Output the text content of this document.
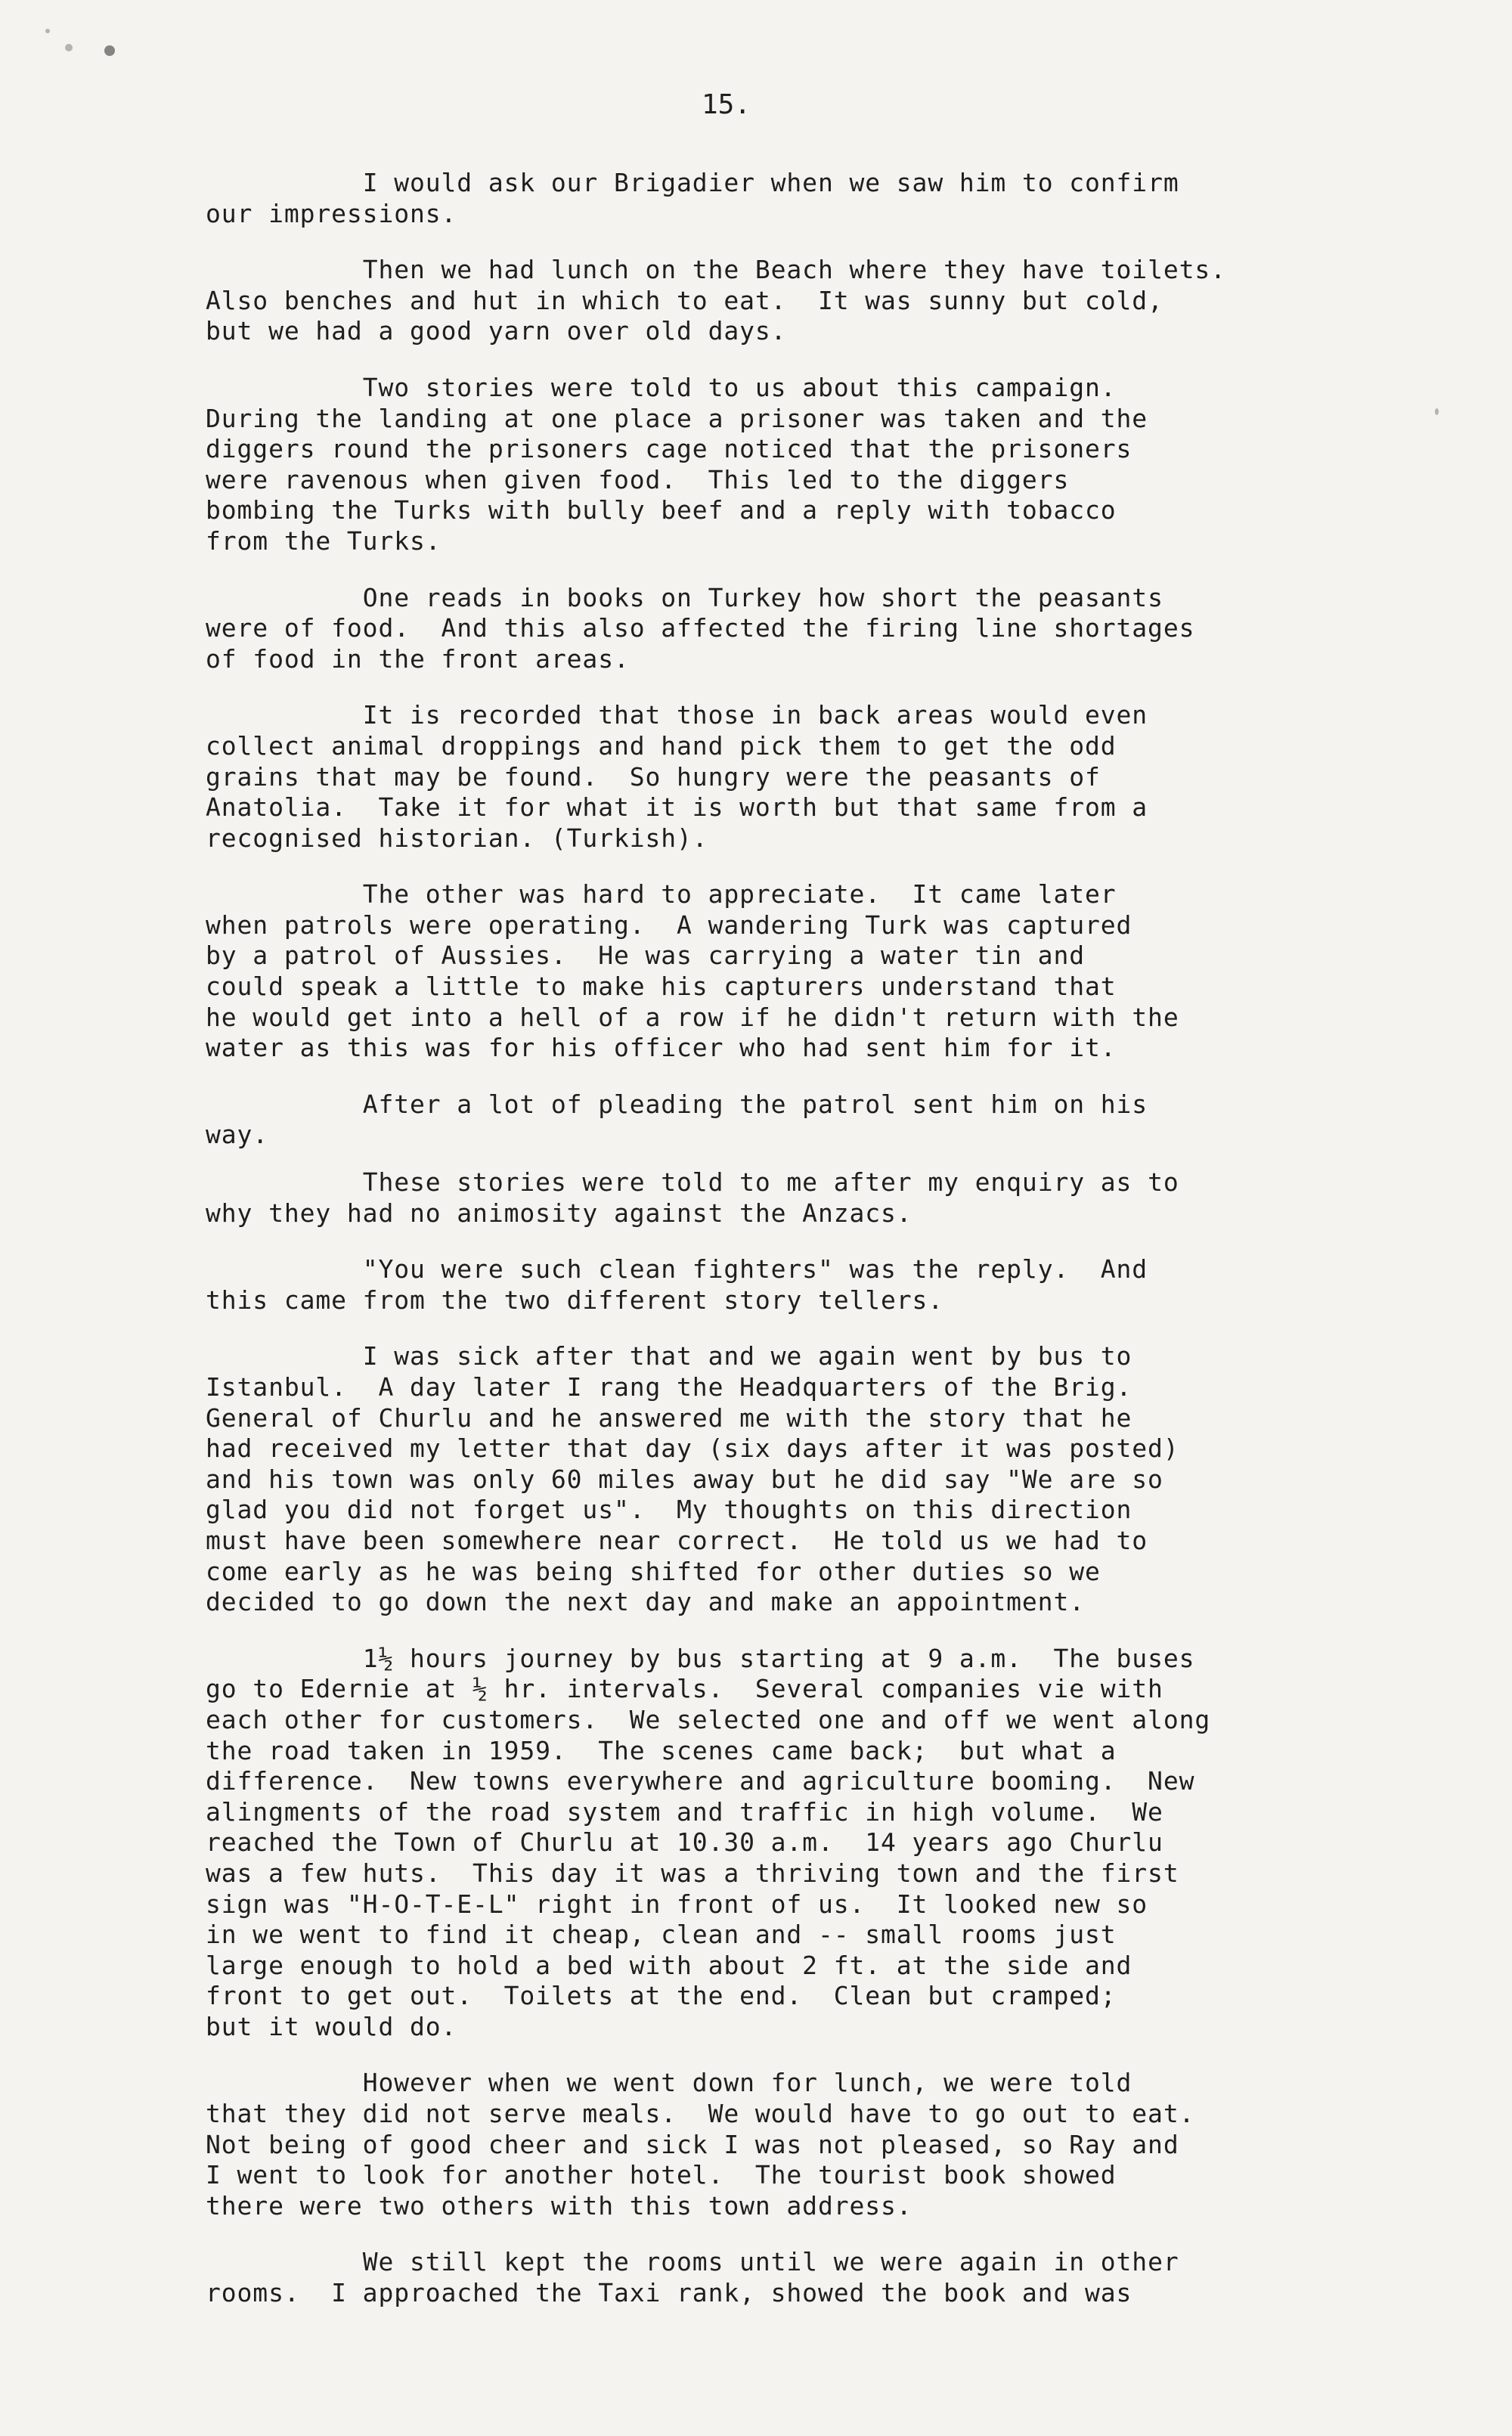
15.

I would ask our Brigadier when we saw him to confirm
our impressions.

Then we had lunch on the Beach where they have toilets.
Also benches and hut in which to eat.  It was sunny but cold,
but we had a good yarn over old days.

Two stories were told to us about this campaign.
During the landing at one place a prisoner was taken and the
diggers round the prisoners cage noticed that the prisoners
were ravenous when given food.  This led to the diggers
bombing the Turks with bully beef and a reply with tobacco
from the Turks.

One reads in books on Turkey how short the peasants
were of food.  And this also affected the firing line shortages
of food in the front areas.

It is recorded that those in back areas would even
collect animal droppings and hand pick them to get the odd
grains that may be found.  So hungry were the peasants of
Anatolia.  Take it for what it is worth but that same from a
recognised historian. (Turkish).

The other was hard to appreciate.  It came later
when patrols were operating.  A wandering Turk was captured
by a patrol of Aussies.  He was carrying a water tin and
could speak a little to make his capturers understand that
he would get into a hell of a row if he didn't return with the
water as this was for his officer who had sent him for it.

After a lot of pleading the patrol sent him on his
way.

These stories were told to me after my enquiry as to
why they had no animosity against the Anzacs.

"You were such clean fighters" was the reply.  And
this came from the two different story tellers.

I was sick after that and we again went by bus to
Istanbul.  A day later I rang the Headquarters of the Brig.
General of Churlu and he answered me with the story that he
had received my letter that day (six days after it was posted)
and his town was only 60 miles away but he did say "We are so
glad you did not forget us".  My thoughts on this direction
must have been somewhere near correct.  He told us we had to
come early as he was being shifted for other duties so we
decided to go down the next day and make an appointment.

1½ hours journey by bus starting at 9 a.m.  The buses
go to Edernie at ½ hr. intervals.  Several companies vie with
each other for customers.  We selected one and off we went along
the road taken in 1959.  The scenes came back;  but what a
difference.  New towns everywhere and agriculture booming.  New
alingments of the road system and traffic in high volume.  We
reached the Town of Churlu at 10.30 a.m.  14 years ago Churlu
was a few huts.  This day it was a thriving town and the first
sign was "H-O-T-E-L" right in front of us.  It looked new so
in we went to find it cheap, clean and -- small rooms just
large enough to hold a bed with about 2 ft. at the side and
front to get out.  Toilets at the end.  Clean but cramped;
but it would do.

However when we went down for lunch, we were told
that they did not serve meals.  We would have to go out to eat.
Not being of good cheer and sick I was not pleased, so Ray and
I went to look for another hotel.  The tourist book showed
there were two others with this town address.

We still kept the rooms until we were again in other
rooms.  I approached the Taxi rank, showed the book and was
